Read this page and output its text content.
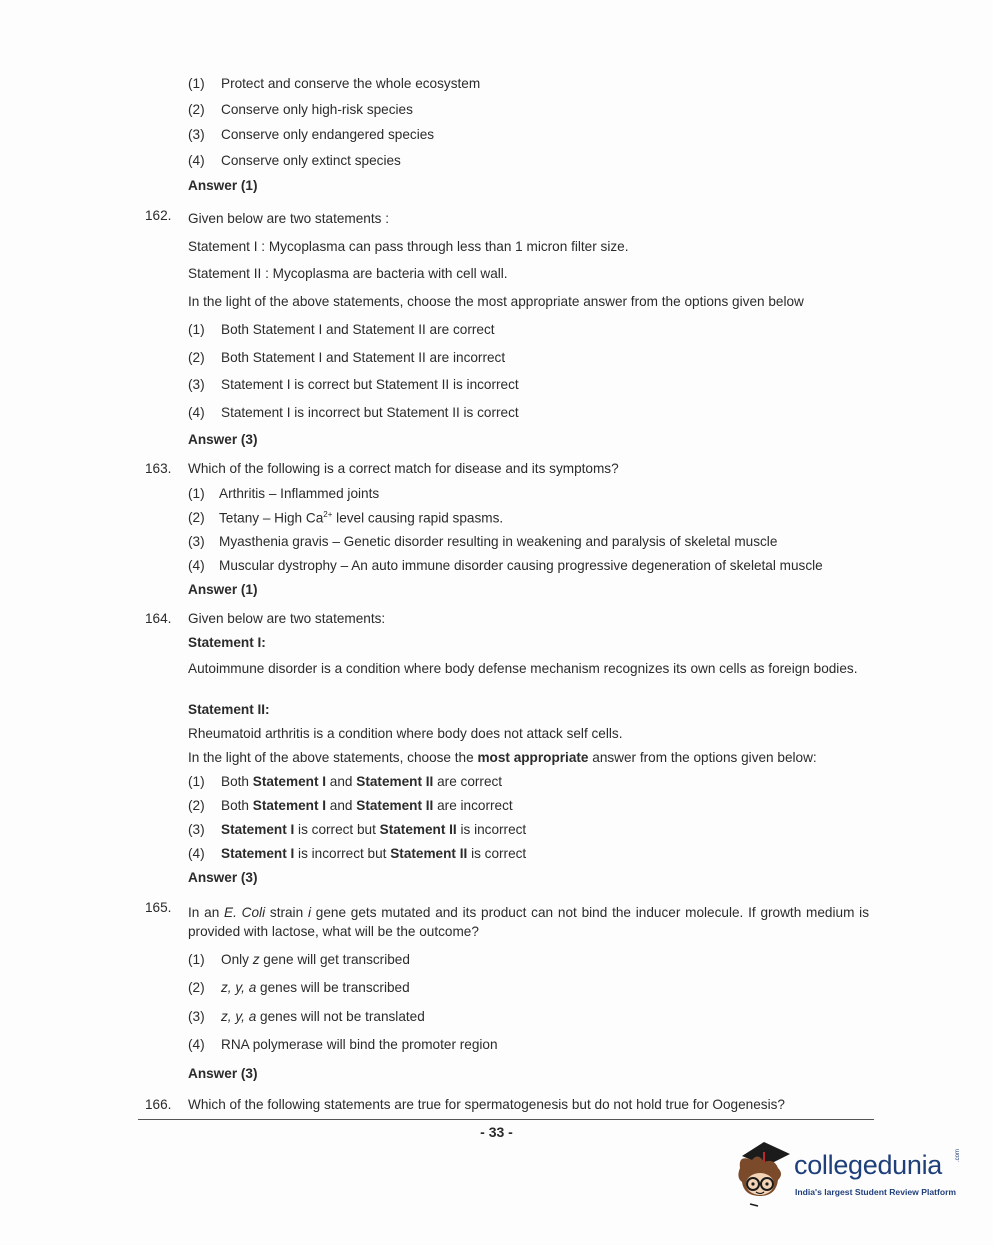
(1) Protect and conserve the whole ecosystem
(2) Conserve only high-risk species
(3) Conserve only endangered species
(4) Conserve only extinct species
Answer (1)
162. Given below are two statements :
Statement I : Mycoplasma can pass through less than 1 micron filter size.
Statement II : Mycoplasma are bacteria with cell wall.
In the light of the above statements, choose the most appropriate answer from the options given below
(1) Both Statement I and Statement II are correct
(2) Both Statement I and Statement II are incorrect
(3) Statement I is correct but Statement II is incorrect
(4) Statement I is incorrect but Statement II is correct
Answer (3)
163. Which of the following is a correct match for disease and its symptoms?
(1) Arthritis – Inflammed joints
(2) Tetany – High $Ca^{2+}$ level causing rapid spasms.
(3) Myasthenia gravis – Genetic disorder resulting in weakening and paralysis of skeletal muscle
(4) Muscular dystrophy – An auto immune disorder causing progressive degeneration of skeletal muscle
Answer (1)
164. Given below are two statements:
Statement I:
Autoimmune disorder is a condition where body defense mechanism recognizes its own cells as foreign bodies.
Statement II:
Rheumatoid arthritis is a condition where body does not attack self cells.
In the light of the above statements, choose the most appropriate answer from the options given below:
(1) Both Statement I and Statement II are correct
(2) Both Statement I and Statement II are incorrect
(3) Statement I is correct but Statement II is incorrect
(4) Statement I is incorrect but Statement II is correct
Answer (3)
165. In an E. Coli strain i gene gets mutated and its product can not bind the inducer molecule. If growth medium is provided with lactose, what will be the outcome?
(1) Only z gene will get transcribed
(2) z, y, a genes will be transcribed
(3) z, y, a genes will not be translated
(4) RNA polymerase will bind the promoter region
Answer (3)
166. Which of the following statements are true for spermatogenesis but do not hold true for Oogenesis?
- 33 -
collegedunia .com
India's largest Student Review Platform
